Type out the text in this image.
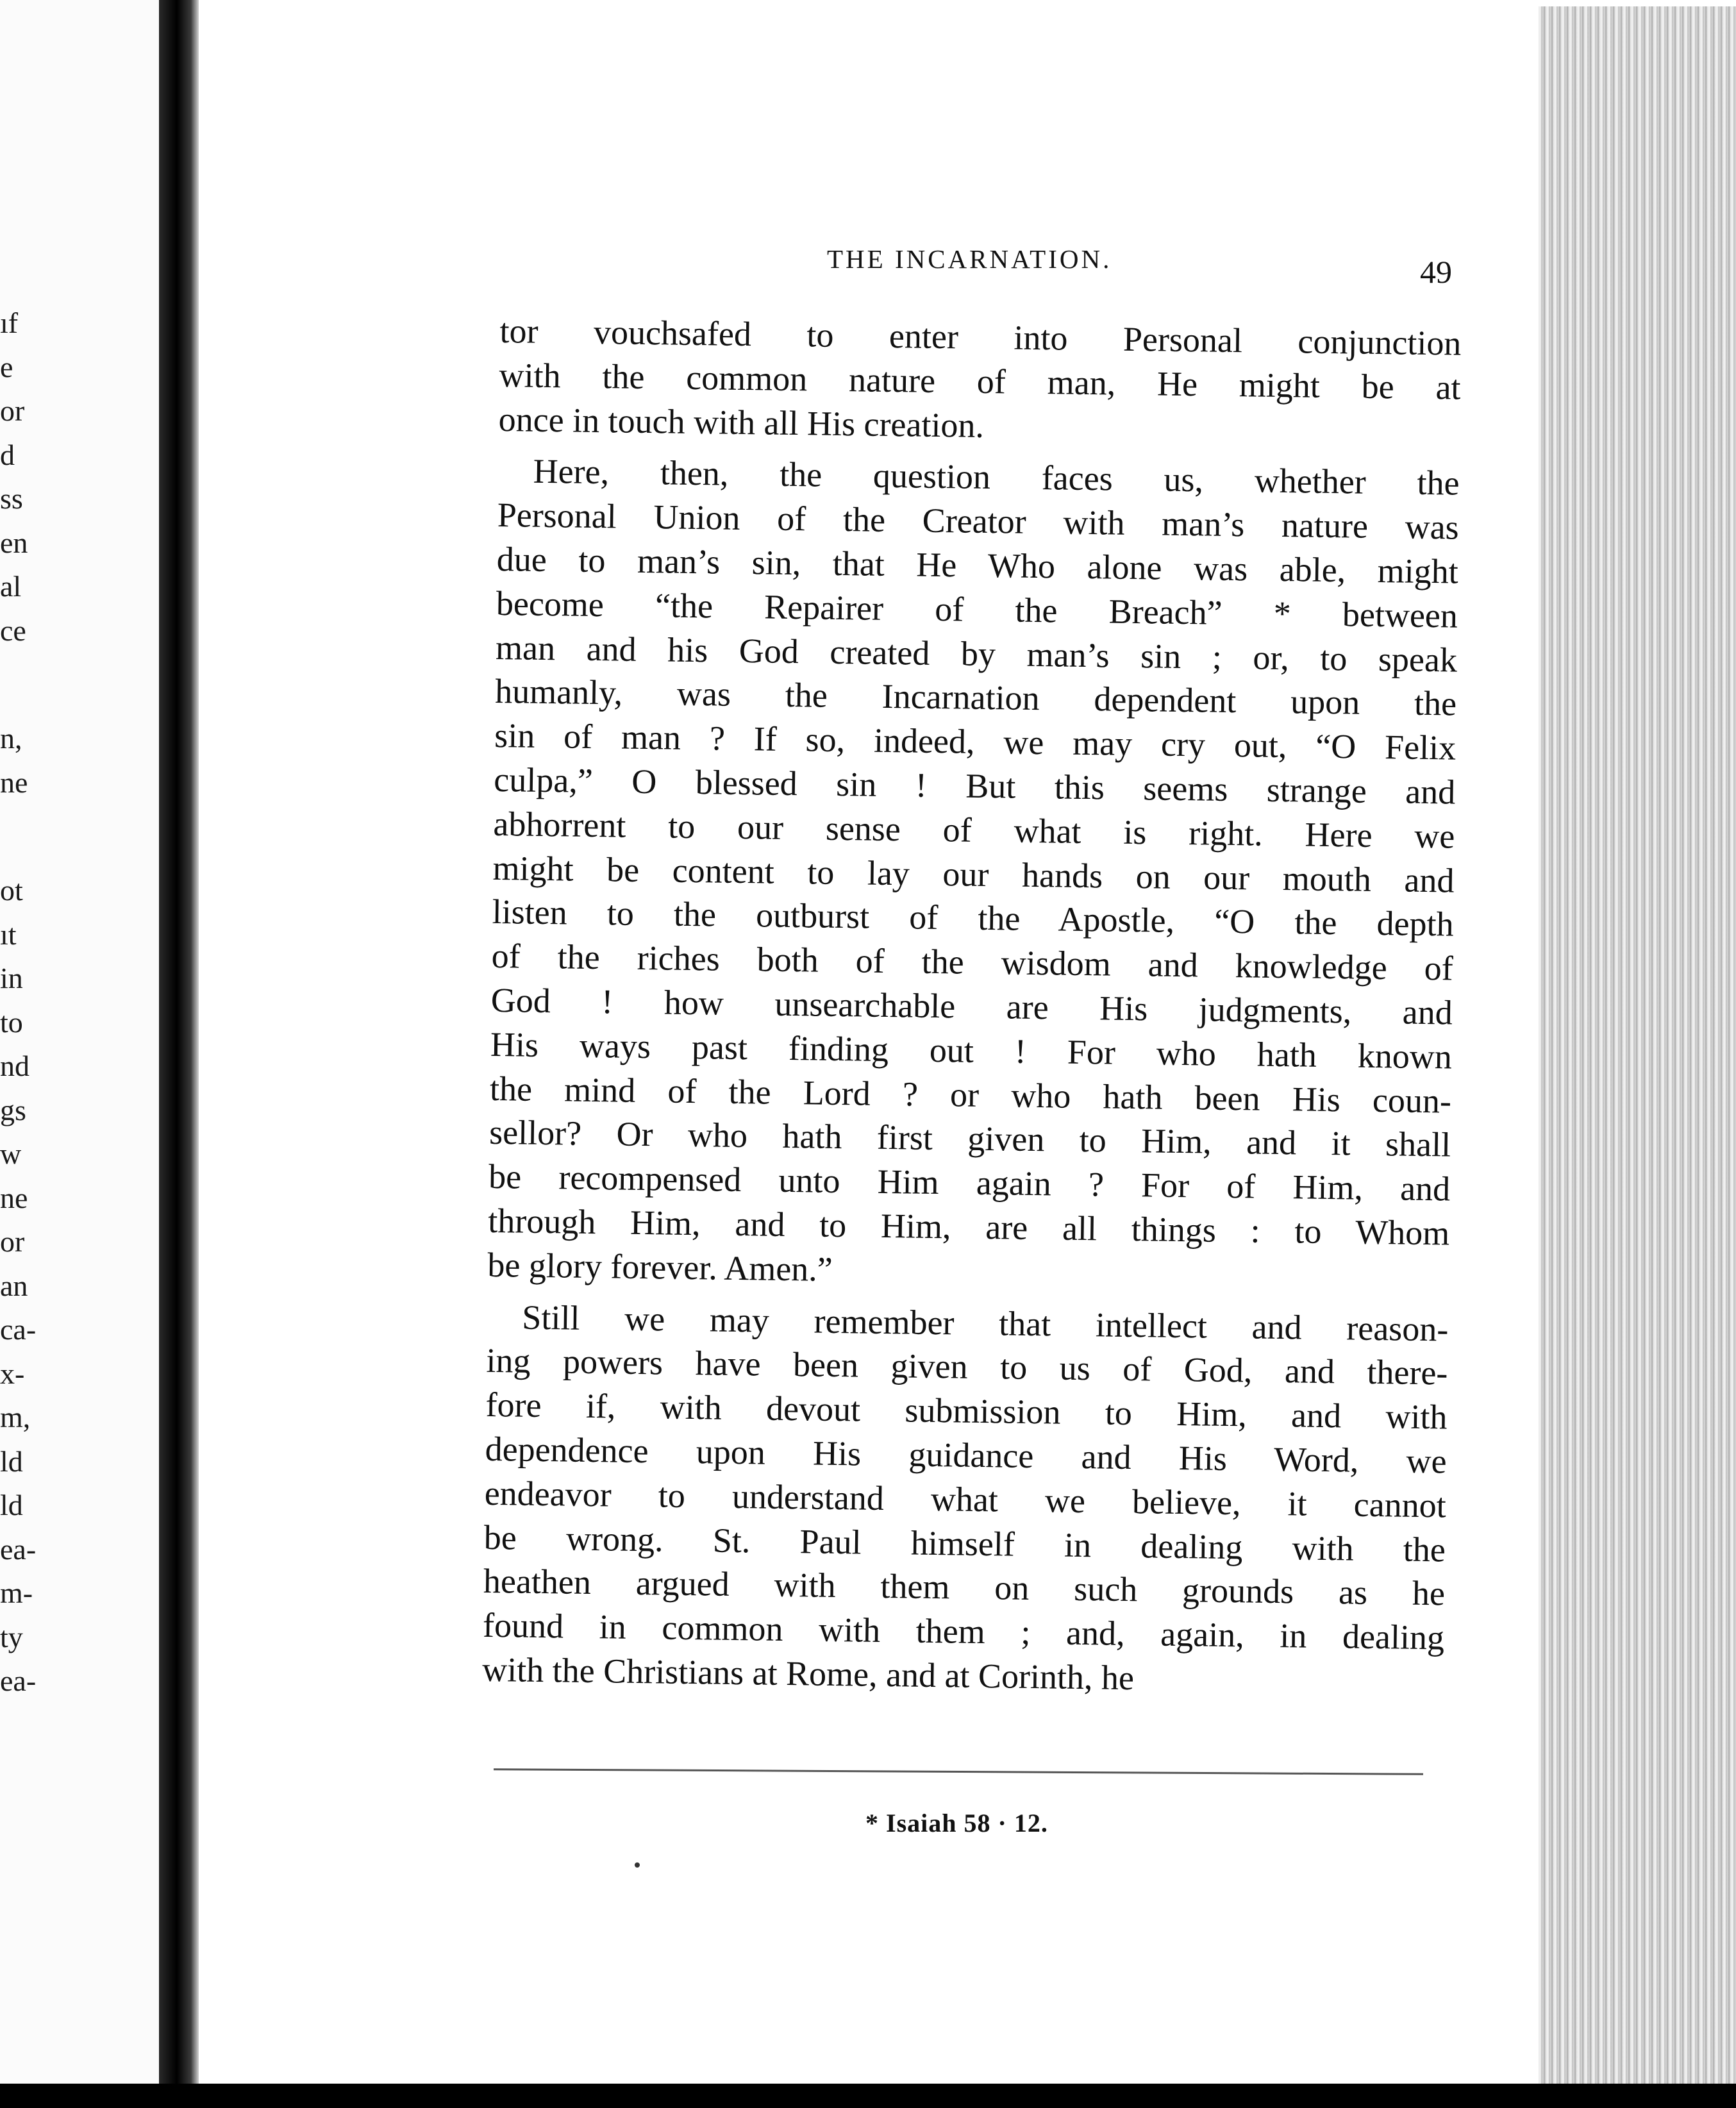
ıf
e
or
d
ss
en
al
ce
n,
ne
ot
ıt
in
to
nd
gs
w
ne
or
an
ca-
x-
m,
ld
ld
ea-
m-
ty
ea-
THE INCARNATION.	49
tor vouchsafed to enter into Personal conjunction
with the common nature of man, He might be at
once in touch with all His creation.
Here, then, the question faces us, whether the
Personal Union of the Creator with man’s nature was
due to man’s sin, that He Who alone was able, might
become “the Repairer of the Breach” * between
man and his God created by man’s sin ; or, to speak
humanly, was the Incarnation dependent upon the
sin of man ? If so, indeed, we may cry out, “O Felix
culpa,” O blessed sin ! But this seems strange and
abhorrent to our sense of what is right. Here we
might be content to lay our hands on our mouth and
listen to the outburst of the Apostle, “O the depth
of the riches both of the wisdom and knowledge of
God ! how unsearchable are His judgments, and
His ways past finding out ! For who hath known
the mind of the Lord ? or who hath been His coun-
sellor? Or who hath first given to Him, and it shall
be recompensed unto Him again ? For of Him, and
through Him, and to Him, are all things : to Whom
be glory forever. Amen.”
Still we may remember that intellect and reason-
ing powers have been given to us of God, and there-
fore if, with devout submission to Him, and with
dependence upon His guidance and His Word, we
endeavor to understand what we believe, it cannot
be wrong. St. Paul himself in dealing with the
heathen argued with them on such grounds as he
found in common with them ; and, again, in dealing
with the Christians at Rome, and at Corinth, he
* Isaiah 58 · 12.
